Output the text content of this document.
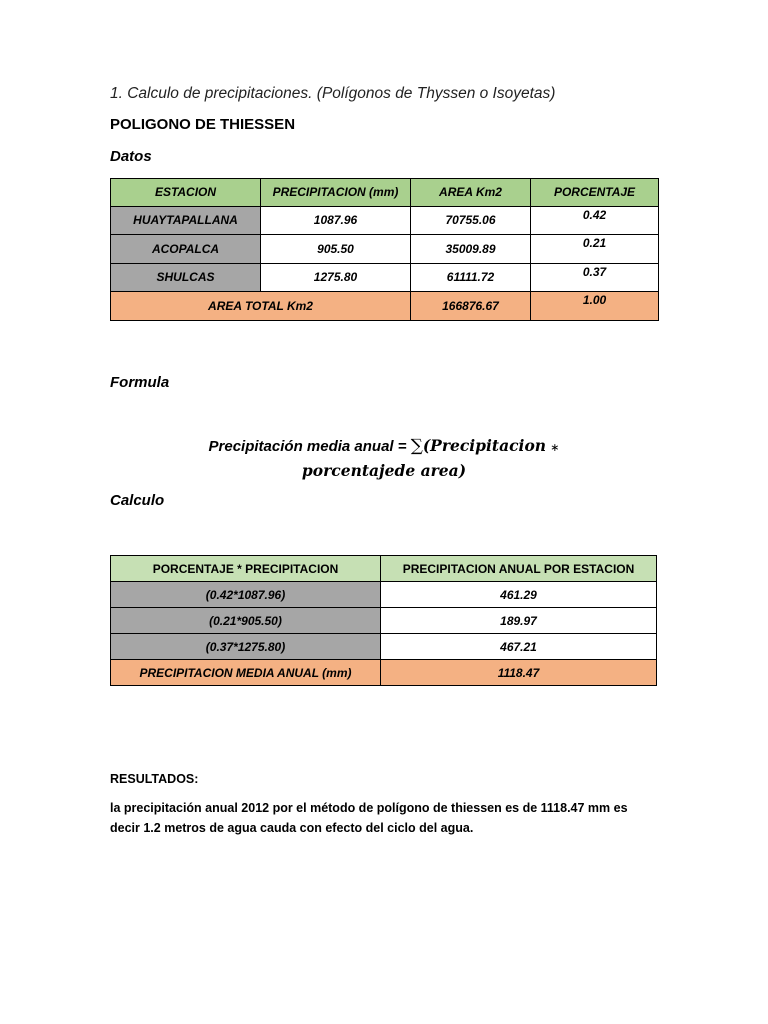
1. Calculo de precipitaciones. (Polígonos de Thyssen o Isoyetas)
POLIGONO DE THIESSEN
Datos
ESTACION	PRECIPITACION (mm)	AREA Km2	PORCENTAJE
HUAYTAPALLANA	1087.96	70755.06	0.42
ACOPALCA	905.50	35009.89	0.21
SHULCAS	1275.80	61111.72	0.37
AREA TOTAL Km2		166876.67	1.00
Formula
Precipitación media anual = ∑(Precipitacion ∗
porcentajede area)
Calculo
PORCENTAJE * PRECIPITACION	PRECIPITACION ANUAL POR ESTACION
(0.42*1087.96)	461.29
(0.21*905.50)	189.97
(0.37*1275.80)	467.21
PRECIPITACION MEDIA ANUAL (mm)	1118.47
RESULTADOS:
la precipitación anual 2012 por el método de polígono de thiessen es de 1118.47 mm es decir 1.2 metros de agua cauda con efecto del ciclo del agua.
